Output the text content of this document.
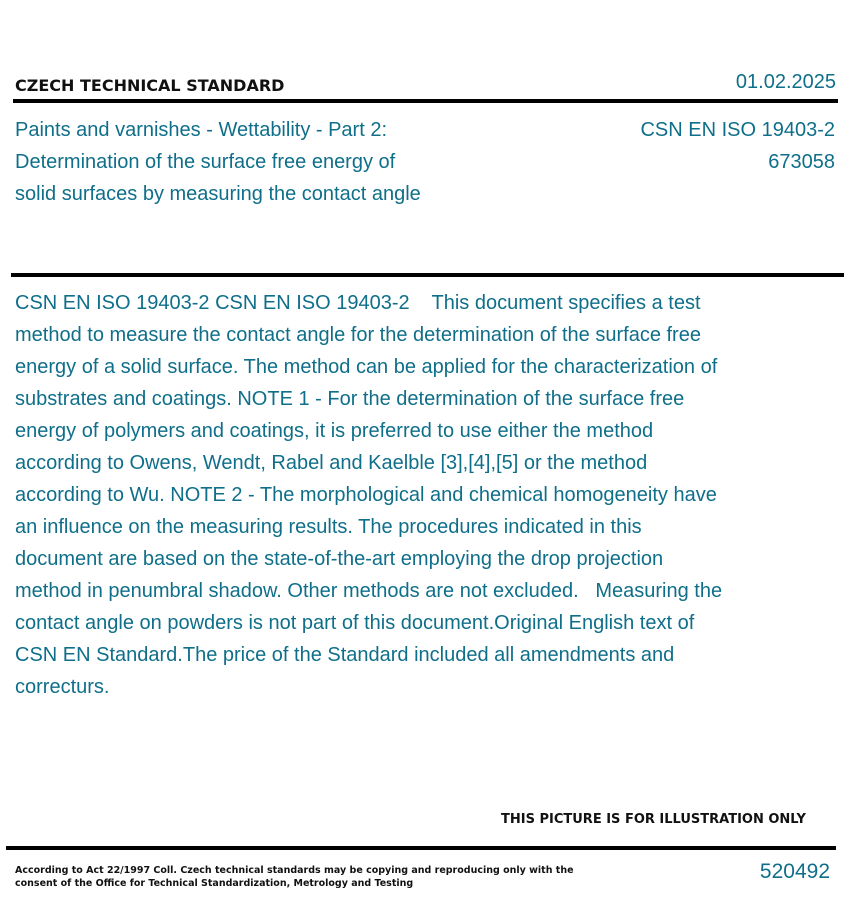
CZECH TECHNICAL STANDARD	01.02.2025
Paints and varnishes - Wettability - Part 2: Determination of the surface free energy of solid surfaces by measuring the contact angle
CSN EN ISO 19403-2
673058
CSN EN ISO 19403-2 CSN EN ISO 19403-2    This document specifies a test method to measure the contact angle for the determination of the surface free energy of a solid surface. The method can be applied for the characterization of substrates and coatings. NOTE 1 - For the determination of the surface free energy of polymers and coatings, it is preferred to use either the method according to Owens, Wendt, Rabel and Kaelble [3],[4],[5] or the method according to Wu. NOTE 2 - The morphological and chemical homogeneity have an influence on the measuring results. The procedures indicated in this document are based on the state-of-the-art employing the drop projection method in penumbral shadow. Other methods are not excluded.   Measuring the contact angle on powders is not part of this document.Original English text of CSN EN Standard.The price of the Standard included all amendments and correcturs.
THIS PICTURE IS FOR ILLUSTRATION ONLY
According to Act 22/1997 Coll. Czech technical standards may be copying and reproducing only with the consent of the Office for Technical Standardization, Metrology and Testing
520492
